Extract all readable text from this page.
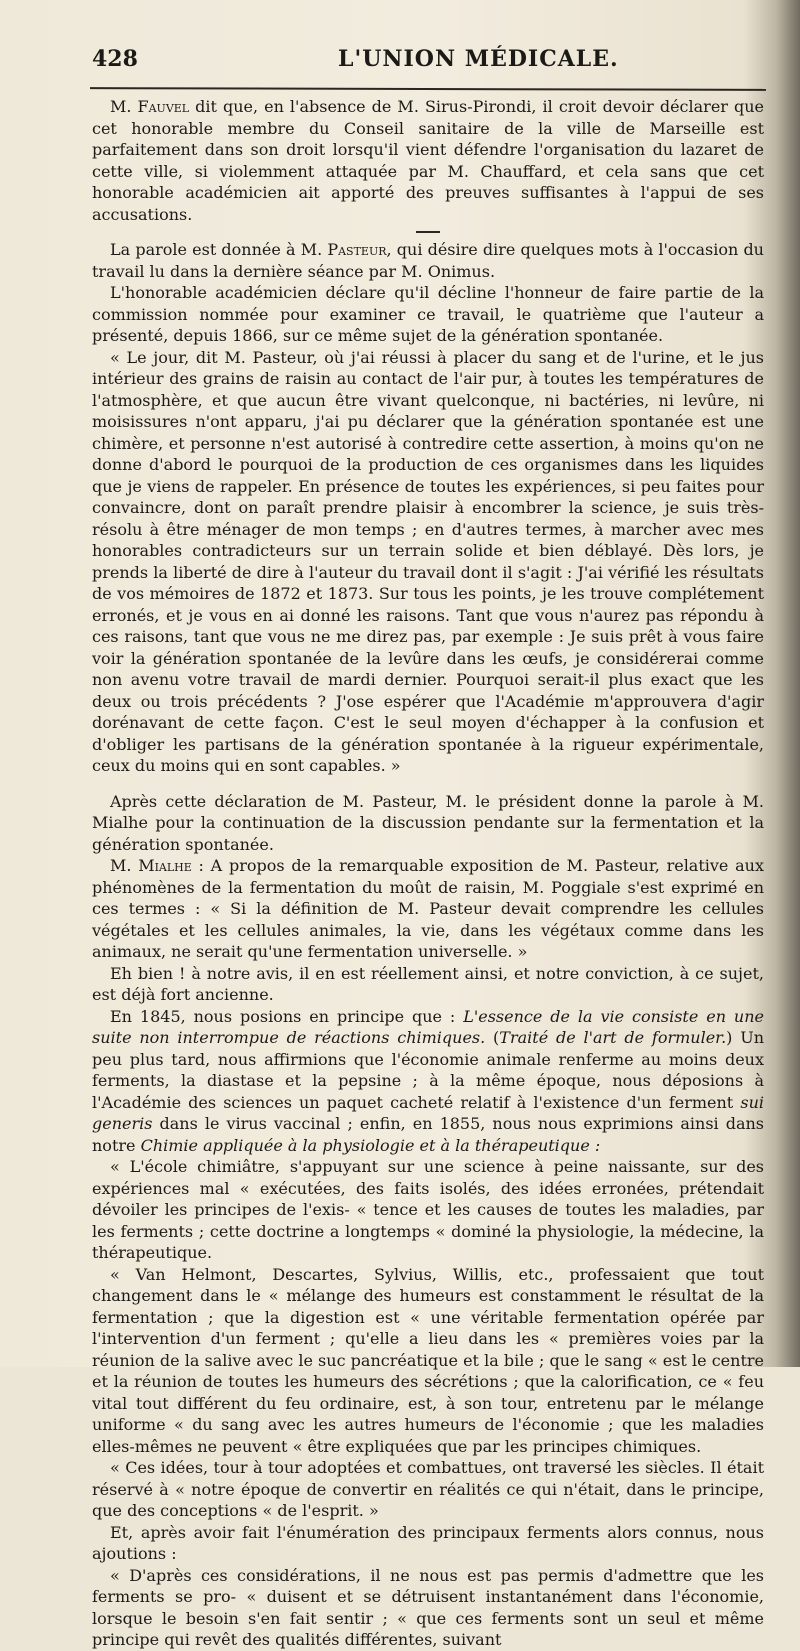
428	L'UNION MÉDICALE.

M. Fauvel dit que, en l'absence de M. Sirus-Pirondi, il croit devoir déclarer que cet honorable membre du Conseil sanitaire de la ville de Marseille est parfaitement dans son droit lorsqu'il vient défendre l'organisation du lazaret de cette ville, si violemment attaquée par M. Chauffard, et cela sans que cet honorable académicien ait apporté des preuves suffisantes à l'appui de ses accusations.

La parole est donnée à M. Pasteur, qui désire dire quelques mots à l'occasion du travail lu dans la dernière séance par M. Onimus.

L'honorable académicien déclare qu'il décline l'honneur de faire partie de la commission nommée pour examiner ce travail, le quatrième que l'auteur a présenté, depuis 1866, sur ce même sujet de la génération spontanée.

« Le jour, dit M. Pasteur, où j'ai réussi à placer du sang et de l'urine, et le jus intérieur des grains de raisin au contact de l'air pur, à toutes les températures de l'atmosphère, et que aucun être vivant quelconque, ni bactéries, ni levûre, ni moisissures n'ont apparu, j'ai pu déclarer que la génération spontanée est une chimère, et personne n'est autorisé à contredire cette assertion, à moins qu'on ne donne d'abord le pourquoi de la production de ces organismes dans les liquides que je viens de rappeler. En présence de toutes les expériences, si peu faites pour convaincre, dont on paraît prendre plaisir à encombrer la science, je suis très-résolu à être ménager de mon temps ; en d'autres termes, à marcher avec mes honorables contradicteurs sur un terrain solide et bien déblayé. Dès lors, je prends la liberté de dire à l'auteur du travail dont il s'agit : J'ai vérifié les résultats de vos mémoires de 1872 et 1873. Sur tous les points, je les trouve complétement erronés, et je vous en ai donné les raisons. Tant que vous n'aurez pas répondu à ces raisons, tant que vous ne me direz pas, par exemple : Je suis prêt à vous faire voir la génération spontanée de la levûre dans les œufs, je considérerai comme non avenu votre travail de mardi dernier. Pourquoi serait-il plus exact que les deux ou trois précédents ? J'ose espérer que l'Académie m'approuvera d'agir dorénavant de cette façon. C'est le seul moyen d'échapper à la confusion et d'obliger les partisans de la génération spontanée à la rigueur expérimentale, ceux du moins qui en sont capables. »

Après cette déclaration de M. Pasteur, M. le président donne la parole à M. Mialhe pour la continuation de la discussion pendante sur la fermentation et la génération spontanée.

M. Mialhe : A propos de la remarquable exposition de M. Pasteur, relative aux phénomènes de la fermentation du moût de raisin, M. Poggiale s'est exprimé en ces termes : « Si la définition de M. Pasteur devait comprendre les cellules végétales et les cellules animales, la vie, dans les végétaux comme dans les animaux, ne serait qu'une fermentation universelle. »

Eh bien ! à notre avis, il en est réellement ainsi, et notre conviction, à ce sujet, est déjà fort ancienne.

En 1845, nous posions en principe que : L'essence de la vie consiste en une suite non interrompue de réactions chimiques. (Traité de l'art de formuler.) Un peu plus tard, nous affirmions que l'économie animale renferme au moins deux ferments, la diastase et la pepsine ; à la même époque, nous déposions à l'Académie des sciences un paquet cacheté relatif à l'existence d'un ferment sui generis dans le virus vaccinal ; enfin, en 1855, nous nous exprimions ainsi dans notre Chimie appliquée à la physiologie et à la thérapeutique :

« L'école chimiâtre, s'appuyant sur une science à peine naissante, sur des expériences mal « exécutées, des faits isolés, des idées erronées, prétendait dévoiler les principes de l'exis- « tence et les causes de toutes les maladies, par les ferments ; cette doctrine a longtemps « dominé la physiologie, la médecine, la thérapeutique.

« Van Helmont, Descartes, Sylvius, Willis, etc., professaient que tout changement dans le « mélange des humeurs est constamment le résultat de la fermentation ; que la digestion est « une véritable fermentation opérée par l'intervention d'un ferment ; qu'elle a lieu dans les « premières voies par la réunion de la salive avec le suc pancréatique et la bile ; que le sang « est le centre et la réunion de toutes les humeurs des sécrétions ; que la calorification, ce « feu vital tout différent du feu ordinaire, est, à son tour, entretenu par le mélange uniforme « du sang avec les autres humeurs de l'économie ; que les maladies elles-mêmes ne peuvent « être expliquées que par les principes chimiques.

« Ces idées, tour à tour adoptées et combattues, ont traversé les siècles. Il était réservé à « notre époque de convertir en réalités ce qui n'était, dans le principe, que des conceptions « de l'esprit. »

Et, après avoir fait l'énumération des principaux ferments alors connus, nous ajoutions :

« D'après ces considérations, il ne nous est pas permis d'admettre que les ferments se pro- « duisent et se détruisent instantanément dans l'économie, lorsque le besoin s'en fait sentir ; « que ces ferments sont un seul et même principe qui revêt des qualités différentes, suivant
